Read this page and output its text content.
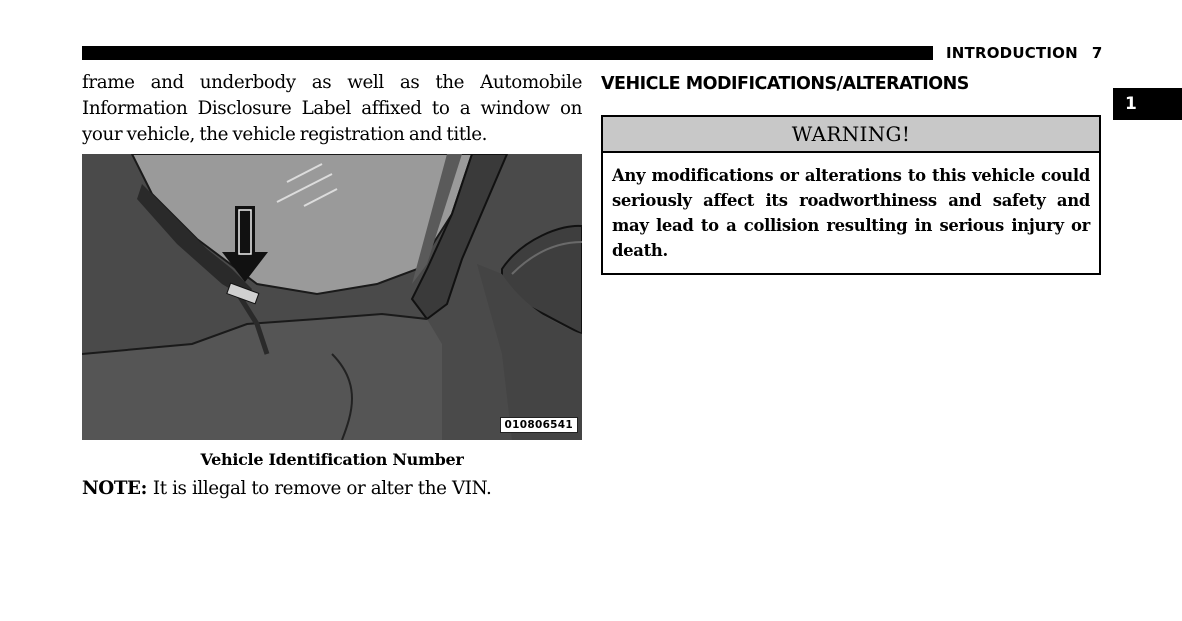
INTRODUCTION 7
1

frame and underbody as well as the Automobile Information Disclosure Label affixed to a window on your vehicle, the vehicle registration and title.

010806541
Vehicle Identification Number
NOTE: It is illegal to remove or alter the VIN.
VEHICLE MODIFICATIONS/ALTERATIONS
WARNING!
Any modifications or alterations to this vehicle could seriously affect its roadworthiness and safety and may lead to a collision resulting in serious injury or death.
